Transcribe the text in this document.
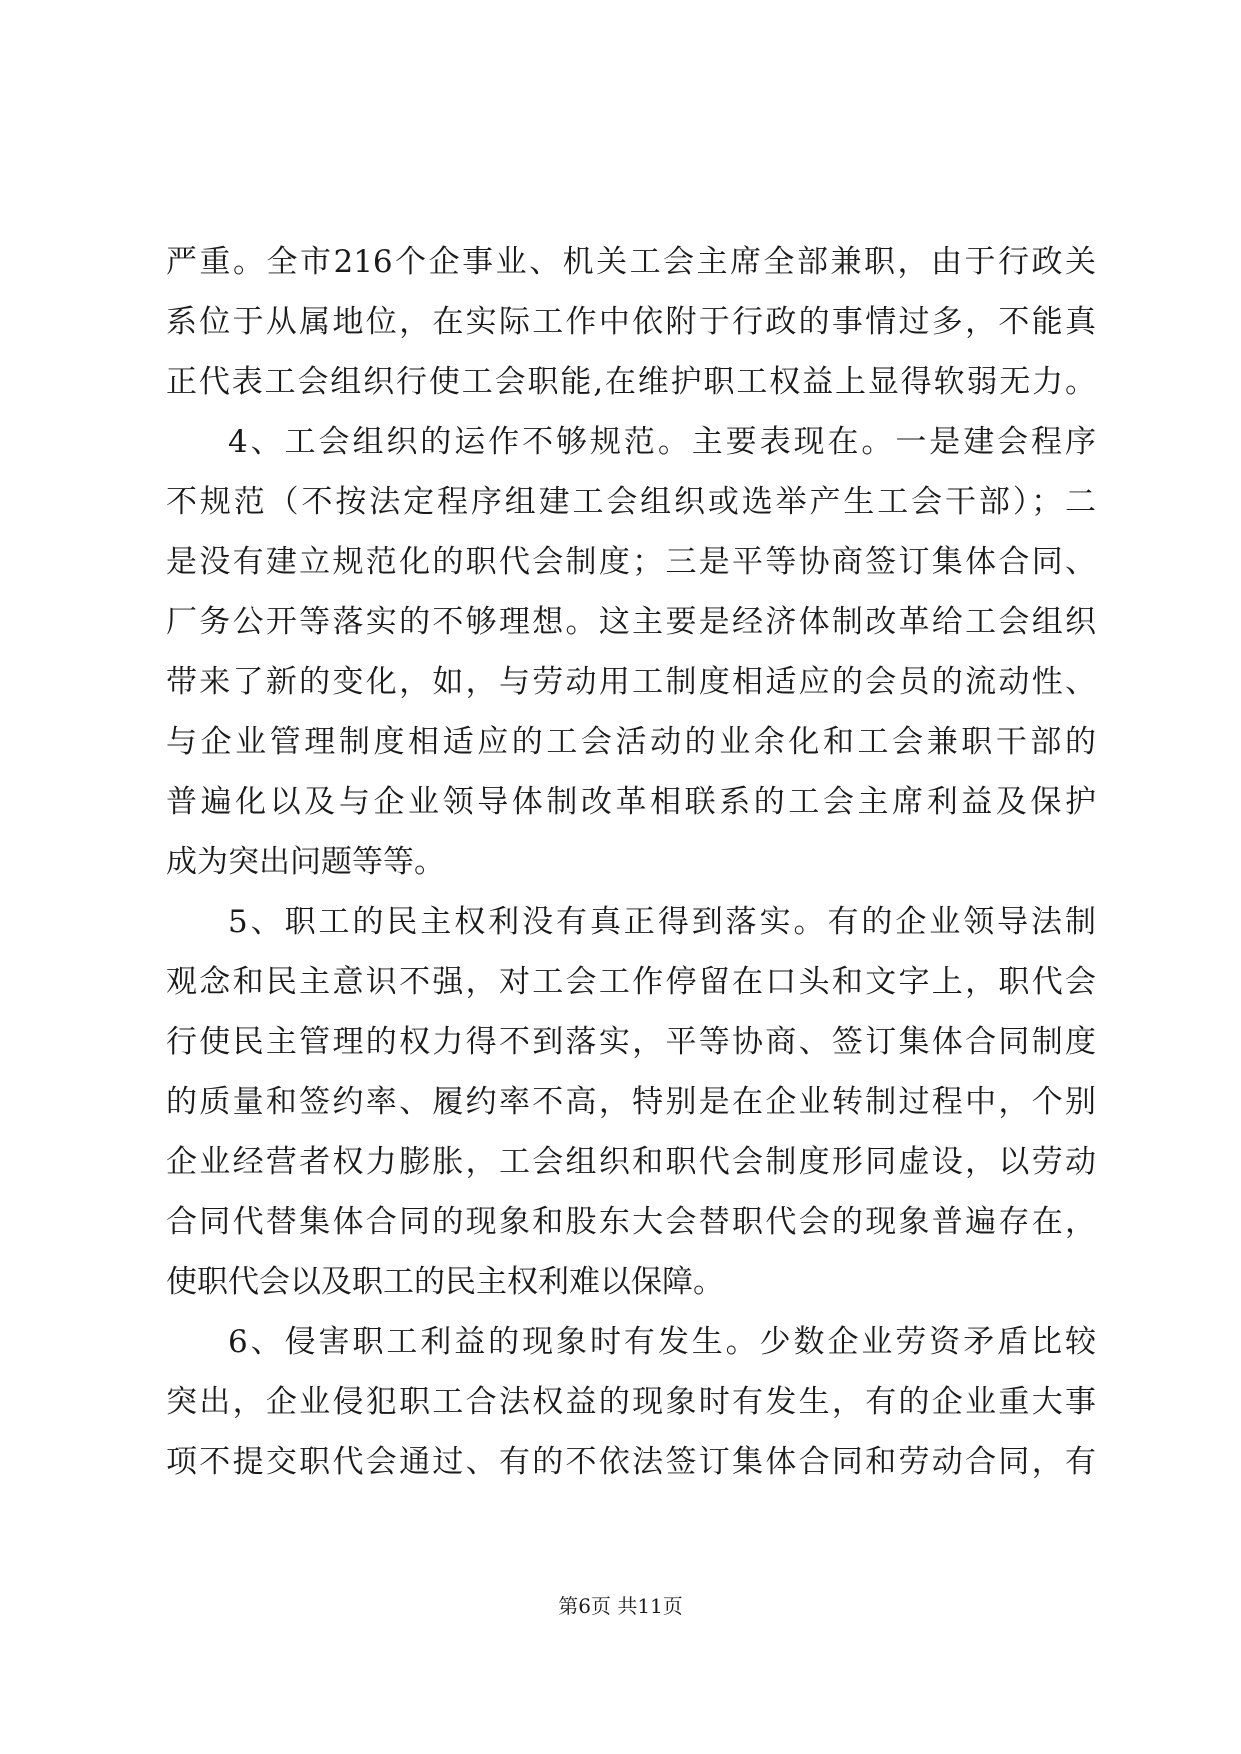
严重。全市216个企事业、机关工会主席全部兼职，由于行政关
系位于从属地位，在实际工作中依附于行政的事情过多，不能真
正代表工会组织行使工会职能,在维护职工权益上显得软弱无力。
4、工会组织的运作不够规范。主要表现在。一是建会程序
不规范（不按法定程序组建工会组织或选举产生工会干部）；二
是没有建立规范化的职代会制度；三是平等协商签订集体合同、
厂务公开等落实的不够理想。这主要是经济体制改革给工会组织
带来了新的变化，如，与劳动用工制度相适应的会员的流动性、
与企业管理制度相适应的工会活动的业余化和工会兼职干部的
普遍化以及与企业领导体制改革相联系的工会主席利益及保护
成为突出问题等等。
5、职工的民主权利没有真正得到落实。有的企业领导法制
观念和民主意识不强，对工会工作停留在口头和文字上，职代会
行使民主管理的权力得不到落实，平等协商、签订集体合同制度
的质量和签约率、履约率不高，特别是在企业转制过程中，个别
企业经营者权力膨胀，工会组织和职代会制度形同虚设，以劳动
合同代替集体合同的现象和股东大会替职代会的现象普遍存在，
使职代会以及职工的民主权利难以保障。
6、侵害职工利益的现象时有发生。少数企业劳资矛盾比较
突出，企业侵犯职工合法权益的现象时有发生，有的企业重大事
项不提交职代会通过、有的不依法签订集体合同和劳动合同，有
第6页 共11页
